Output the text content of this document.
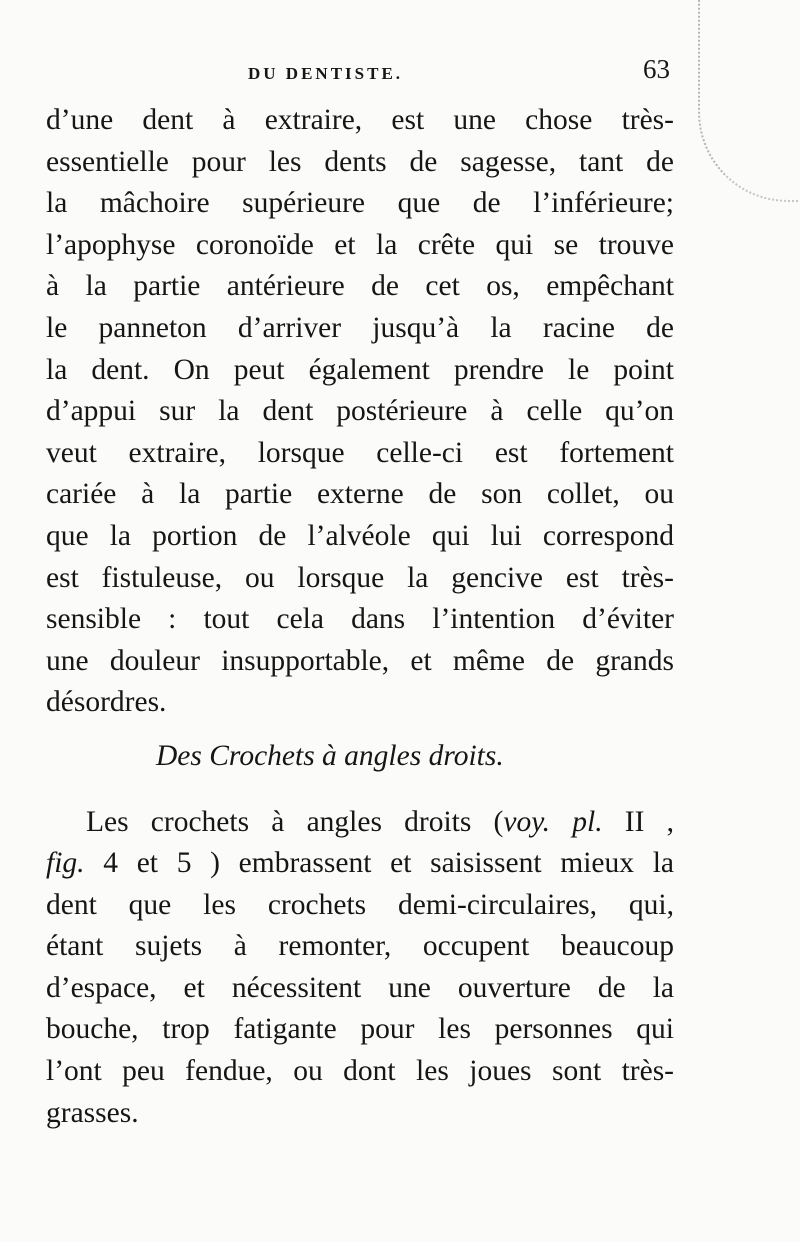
DU DENTISTE.	63
d’une dent à extraire, est une chose très-
essentielle pour les dents de sagesse, tant de
la mâchoire supérieure que de l’inférieure;
l’apophyse coronoïde et la crête qui se trouve
à la partie antérieure de cet os, empêchant
le panneton d’arriver jusqu’à la racine de
la dent. On peut également prendre le point
d’appui sur la dent postérieure à celle qu’on
veut extraire, lorsque celle-ci est fortement
cariée à la partie externe de son collet, ou
que la portion de l’alvéole qui lui correspond
est fistuleuse, ou lorsque la gencive est très-
sensible : tout cela dans l’intention d’éviter
une douleur insupportable, et même de grands
désordres.
Des Crochets à angles droits.
Les crochets à angles droits (voy. pl. II ,
fig. 4 et 5 ) embrassent et saisissent mieux la
dent que les crochets demi-circulaires, qui,
étant sujets à remonter, occupent beaucoup
d’espace, et nécessitent une ouverture de la
bouche, trop fatigante pour les personnes qui
l’ont peu fendue, ou dont les joues sont très-
grasses.
